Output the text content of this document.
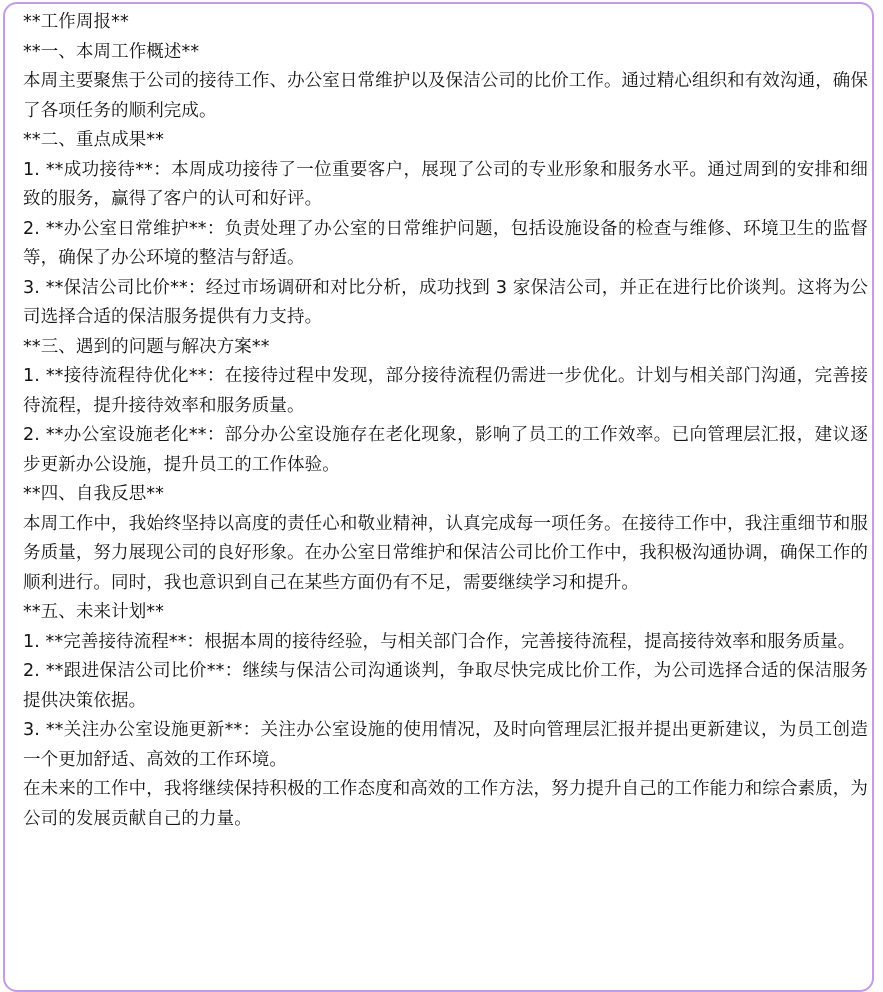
**工作周报**

**一、本周工作概述**

本周主要聚焦于公司的接待工作、办公室日常维护以及保洁公司的比价工作。通过精心组织和有效沟通，确保了各项任务的顺利完成。

**二、重点成果**

1. **成功接待**：本周成功接待了一位重要客户，展现了公司的专业形象和服务水平。通过周到的安排和细致的服务，赢得了客户的认可和好评。

2. **办公室日常维护**：负责处理了办公室的日常维护问题，包括设施设备的检查与维修、环境卫生的监督等，确保了办公环境的整洁与舒适。

3. **保洁公司比价**：经过市场调研和对比分析，成功找到 3 家保洁公司，并正在进行比价谈判。这将为公司选择合适的保洁服务提供有力支持。

**三、遇到的问题与解决方案**

1. **接待流程待优化**：在接待过程中发现，部分接待流程仍需进一步优化。计划与相关部门沟通，完善接待流程，提升接待效率和服务质量。

2. **办公室设施老化**：部分办公室设施存在老化现象，影响了员工的工作效率。已向管理层汇报，建议逐步更新办公设施，提升员工的工作体验。

**四、自我反思**

本周工作中，我始终坚持以高度的责任心和敬业精神，认真完成每一项任务。在接待工作中，我注重细节和服务质量，努力展现公司的良好形象。在办公室日常维护和保洁公司比价工作中，我积极沟通协调，确保工作的顺利进行。同时，我也意识到自己在某些方面仍有不足，需要继续学习和提升。

**五、未来计划**

1. **完善接待流程**：根据本周的接待经验，与相关部门合作，完善接待流程，提高接待效率和服务质量。

2. **跟进保洁公司比价**：继续与保洁公司沟通谈判，争取尽快完成比价工作，为公司选择合适的保洁服务提供决策依据。

3. **关注办公室设施更新**：关注办公室设施的使用情况，及时向管理层汇报并提出更新建议，为员工创造一个更加舒适、高效的工作环境。

在未来的工作中，我将继续保持积极的工作态度和高效的工作方法，努力提升自己的工作能力和综合素质，为公司的发展贡献自己的力量。
